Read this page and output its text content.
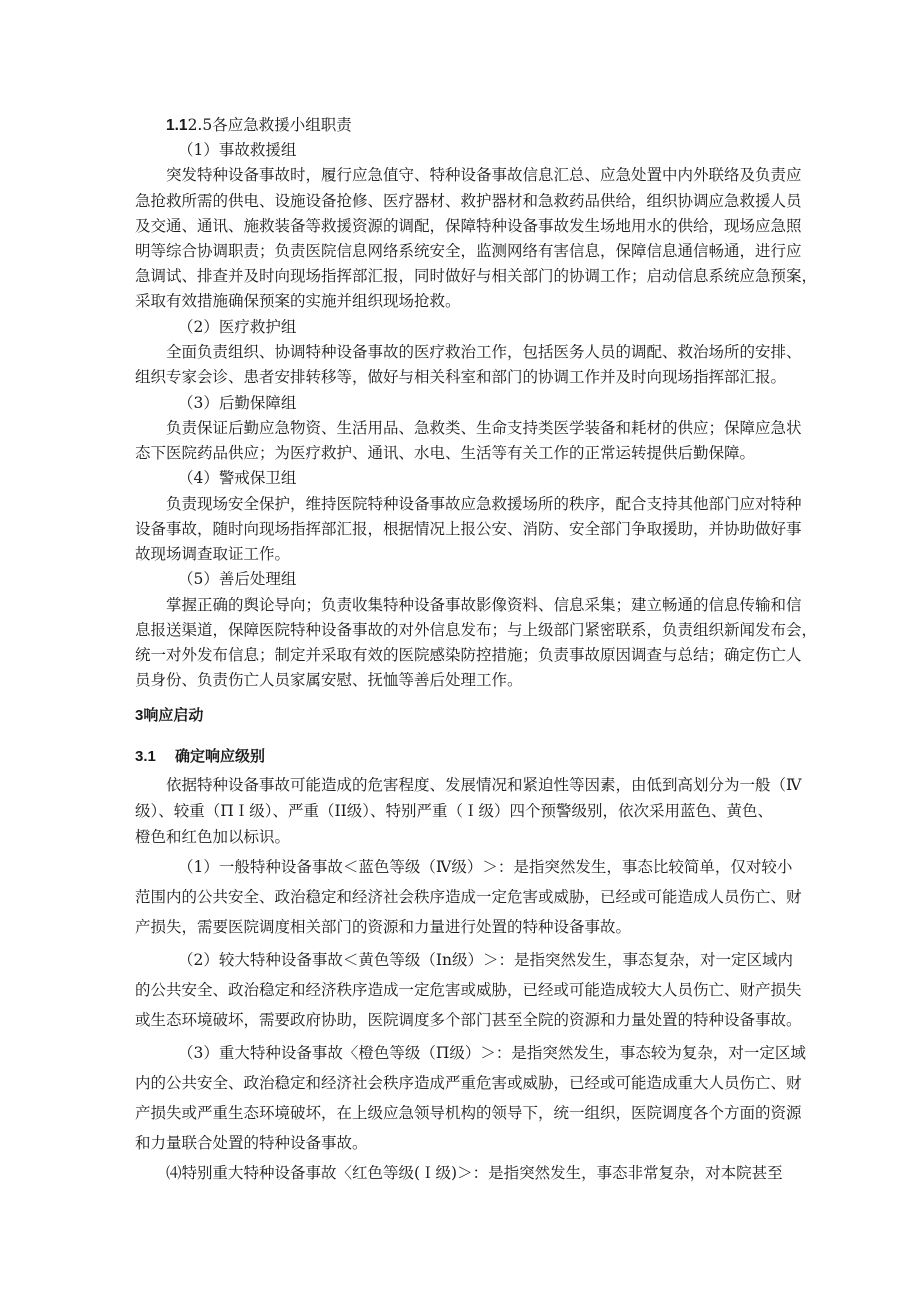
1.12.5各应急救援小组职责
（1）事故救援组
突发特种设备事故时，履行应急值守、特种设备事故信息汇总、应急处置中内外联络及负责应
急抢救所需的供电、设施设备抢修、医疗器材、救护器材和急救药品供给，组织协调应急救援人员
及交通、通讯、施救装备等救援资源的调配，保障特种设备事故发生场地用水的供给，现场应急照
明等综合协调职责；负责医院信息网络系统安全，监测网络有害信息，保障信息通信畅通，进行应
急调试、排查并及时向现场指挥部汇报，同时做好与相关部门的协调工作；启动信息系统应急预案，
采取有效措施确保预案的实施并组织现场抢救。
（2）医疗救护组
全面负责组织、协调特种设备事故的医疗救治工作，包括医务人员的调配、救治场所的安排、
组织专家会诊、患者安排转移等，做好与相关科室和部门的协调工作并及时向现场指挥部汇报。
（3）后勤保障组
负责保证后勤应急物资、生活用品、急救类、生命支持类医学装备和耗材的供应；保障应急状
态下医院药品供应；为医疗救护、通讯、水电、生活等有关工作的正常运转提供后勤保障。
（4）警戒保卫组
负责现场安全保护，维持医院特种设备事故应急救援场所的秩序，配合支持其他部门应对特种
设备事故，随时向现场指挥部汇报，根据情况上报公安、消防、安全部门争取援助，并协助做好事
故现场调查取证工作。
（5）善后处理组
掌握正确的舆论导向；负责收集特种设备事故影像资料、信息采集；建立畅通的信息传输和信
息报送渠道，保障医院特种设备事故的对外信息发布；与上级部门紧密联系，负责组织新闻发布会，
统一对外发布信息；制定并采取有效的医院感染防控措施；负责事故原因调查与总结；确定伤亡人
员身份、负责伤亡人员家属安慰、抚恤等善后处理工作。
3响应启动
3.1 确定响应级别
依据特种设备事故可能造成的危害程度、发展情况和紧迫性等因素，由低到高划分为一般（Ⅳ
级）、较重（ΠＩ级）、严重（ΙΙ级）、特别严重（Ｉ级）四个预警级别，依次采用蓝色、黄色、
橙色和红色加以标识。
（1）一般特种设备事故＜蓝色等级（Ⅳ级）＞：是指突然发生，事态比较简单，仅对较小
范围内的公共安全、政治稳定和经济社会秩序造成一定危害或威胁，已经或可能造成人员伤亡、财
产损失，需要医院调度相关部门的资源和力量进行处置的特种设备事故。
（2）较大特种设备事故＜黄色等级（In级）＞：是指突然发生，事态复杂，对一定区域内
的公共安全、政治稳定和经济秩序造成一定危害或威胁，已经或可能造成较大人员伤亡、财产损失
或生态环境破坏，需要政府协助，医院调度多个部门甚至全院的资源和力量处置的特种设备事故。
（3）重大特种设备事故〈橙色等级（Π级）＞：是指突然发生，事态较为复杂，对一定区域
内的公共安全、政治稳定和经济社会秩序造成严重危害或威胁，已经或可能造成重大人员伤亡、财
产损失或严重生态环境破坏，在上级应急领导机构的领导下，统一组织，医院调度各个方面的资源
和力量联合处置的特种设备事故。
⑷特别重大特种设备事故〈红色等级(Ｉ级)＞：是指突然发生，事态非常复杂，对本院甚至
